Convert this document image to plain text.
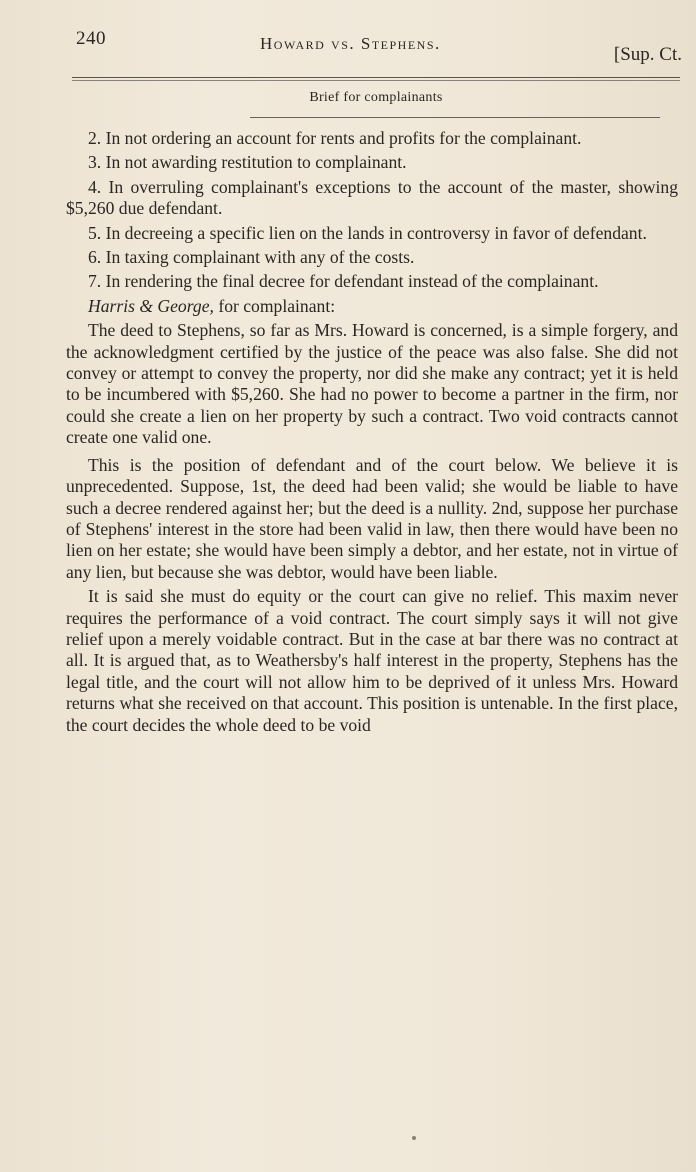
240	Howard vs. Stephens.
[Sup. Ct.
Brief for complainants

2. In not ordering an account for rents and profits for the complainant.

3. In not awarding restitution to complainant.

4. In overruling complainant's exceptions to the account of the master, showing $5,260 due defendant.

5. In decreeing a specific lien on the lands in controversy in favor of defendant.

6. In taxing complainant with any of the costs.

7. In rendering the final decree for defendant instead of the complainant.

Harris & George, for complainant:

The deed to Stephens, so far as Mrs. Howard is concerned, is a simple forgery, and the acknowledgment certified by the justice of the peace was also false. She did not convey or attempt to convey the property, nor did she make any contract; yet it is held to be incumbered with $5,260. She had no power to become a partner in the firm, nor could she create a lien on her property by such a contract. Two void contracts cannot create one valid one.

This is the position of defendant and of the court below. We believe it is unprecedented. Suppose, 1st, the deed had been valid; she would be liable to have such a decree rendered against her; but the deed is a nullity. 2nd, suppose her purchase of Stephens' interest in the store had been valid in law, then there would have been no lien on her estate; she would have been simply a debtor, and her estate, not in virtue of any lien, but because she was debtor, would have been liable.

It is said she must do equity or the court can give no relief. This maxim never requires the performance of a void contract. The court simply says it will not give relief upon a merely voidable contract. But in the case at bar there was no contract at all. It is argued that, as to Weathersby's half interest in the property, Stephens has the legal title, and the court will not allow him to be deprived of it unless Mrs. Howard returns what she received on that account. This position is untenable. In the first place, the court decides the whole deed to be void
